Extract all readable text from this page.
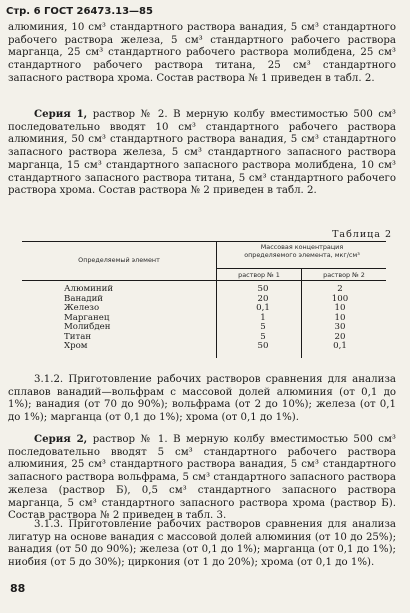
Стр. 6 ГОСТ 26473.13—85
алюминия, 10 см³ стандартного раствора ванадия, 5 см³ стандартного рабочего раствора железа, 5 см³ стандартного рабочего раствора марганца, 25 см³ стандартного рабочего раствора молибдена, 25 см³ стандартного рабочего раствора титана, 25 см³ стандартного запасного раствора хрома. Состав раствора № 1 приведен в табл. 2.
Серия 1, раствор № 2. В мерную колбу вместимостью 500 см³ последовательно вводят 10 см³ стандартного рабочего раствора алюминия, 50 см³ стандартного раствора ванадия, 5 см³ стандартного запасного раствора железа, 5 см³ стандартного запасного раствора марганца, 15 см³ стандартного запасного раствора молибдена, 10 см³ стандартного запасного раствора титана, 5 см³ стандартного рабочего раствора хрома. Состав раствора № 2 приведен в табл. 2.
Таблица 2
Определяемый элемент
Массовая концентрация определяемого элемента, мкг/см³
раствор № 1	раствор № 2
Алюминий	50	2
Ванадий	20	100
Железо	0,1	10
Марганец	1	10
Молибден	5	30
Титан	5	20
Хром	50	0,1
3.1.2. Приготовление рабочих растворов сравнения для анализа сплавов ванадий—вольфрам с массовой долей алюминия (от 0,1 до 1%); ванадия (от 70 до 90%); вольфрама (от 2 до 10%); железа (от 0,1 до 1%); марганца (от 0,1 до 1%); хрома (от 0,1 до 1%).
Серия 2, раствор № 1. В мерную колбу вместимостью 500 см³ последовательно вводят 5 см³ стандартного рабочего раствора алюминия, 25 см³ стандартного раствора ванадия, 5 см³ стандартного запасного раствора вольфрама, 5 см³ стандартного запасного раствора железа (раствор Б), 0,5 см³ стандартного запасного раствора марганца, 5 см³ стандартного запасного раствора хрома (раствор Б). Состав раствора № 2 приведен в табл. 3.
3.1.3. Приготовление рабочих растворов сравнения для анализа лигатур на основе ванадия с массовой долей алюминия (от 10 до 25%); ванадия (от 50 до 90%); железа (от 0,1 до 1%); марганца (от 0,1 до 1%); ниобия (от 5 до 30%); циркония (от 1 до 20%); хрома (от 0,1 до 1%).
88
